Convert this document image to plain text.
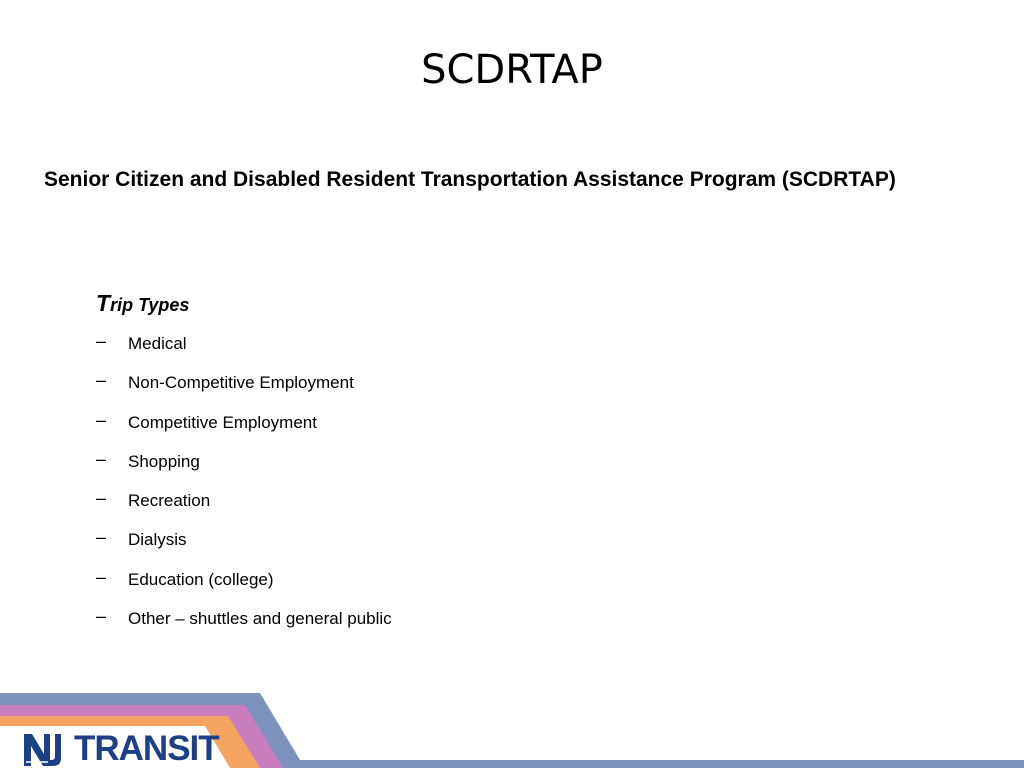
SCDRTAP
Senior Citizen and Disabled Resident Transportation Assistance Program (SCDRTAP)
Trip Types
– Medical
– Non-Competitive Employment
– Competitive Employment
– Shopping
– Recreation
– Dialysis
– Education (college)
– Other – shuttles and general public
TRANSIT
